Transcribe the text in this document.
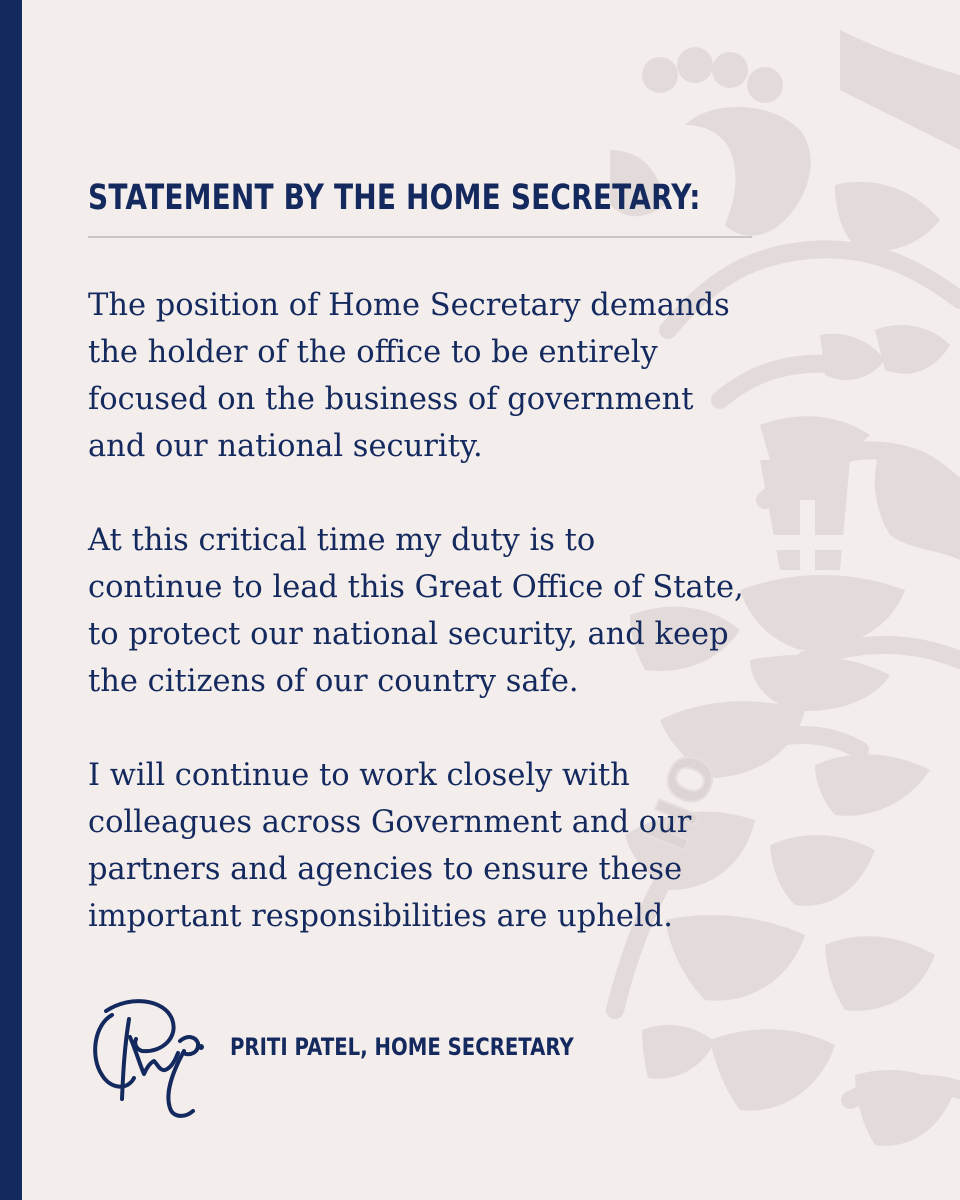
HO
STATEMENT BY THE HOME SECRETARY:

The position of Home Secretary demands
the holder of the office to be entirely
focused on the business of government
and our national security.

At this critical time my duty is to
continue to lead this Great Office of State,
to protect our national security, and keep
the citizens of our country safe.

I will continue to work closely with
colleagues across Government and our
partners and agencies to ensure these
important responsibilities are upheld.

PRITI PATEL, HOME SECRETARY
